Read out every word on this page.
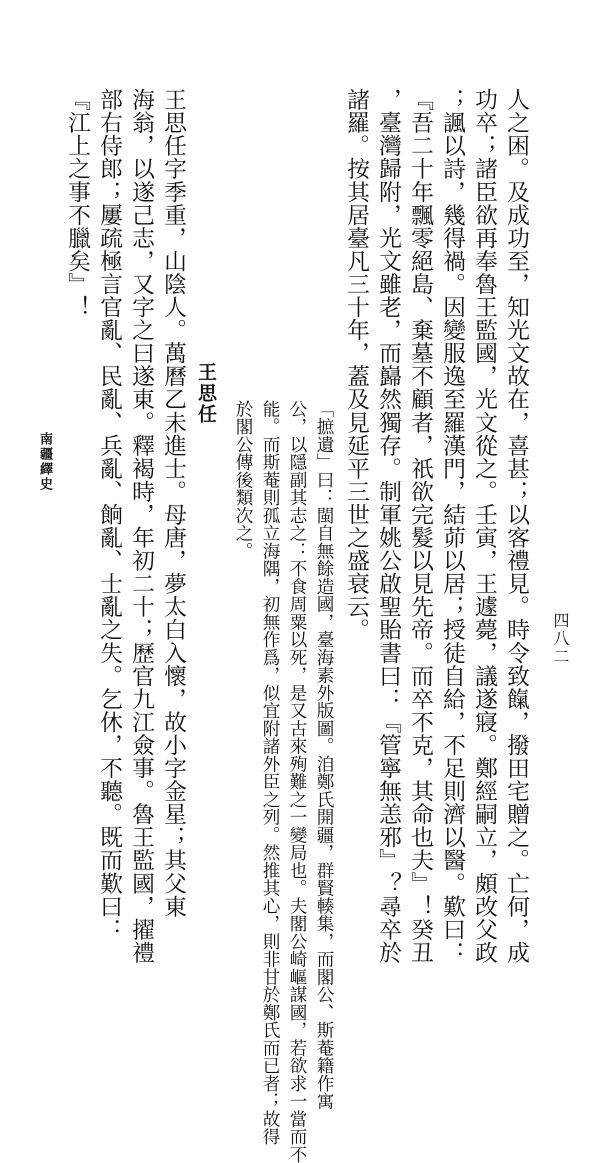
人之困。及成功至，知光文故在，喜甚；以客禮見。時令致餼，撥田宅贈之。亡何，成
功卒；諸臣欲再奉魯王監國，光文從之。壬寅，王遽薨，議遂寢。鄭經嗣立，頗改父政
；諷以詩，幾得禍。因變服逸至羅漢門，結茆以居；授徒自給，不足則濟以醫。歎曰：
『吾二十年飄零絕島、棄墓不顧者，祇欲完髮以見先帝。而卒不克，其命也夫』！癸丑
，臺灣歸附，光文雖老，而巋然獨存。制軍姚公啟聖貽書曰：『管寧無恙邪』？尋卒於
諸羅。按其居臺凡三十年，蓋及見延平三世之盛衰云。
「摭遺」曰：閩自無餘造國，臺海素外版圖。洎鄭氏開疆，群賢輳集，而閣公、斯菴籍作寓
公，以隱副其志之：不食周粟以死，是又古來殉難之一變局也。夫閣公崎嶇謀國，若欲求一當而不
能。而斯菴則孤立海隅，初無作爲，似宜附諸外臣之列。然推其心，則非甘於鄭氏而已者；故得
於閣公傳後類次之。
王思任
王思任字季重，山陰人。萬曆乙未進士。母唐，夢太白入懷，故小字金星；其父東
海翁，以遂己志，又字之曰遂東。釋褐時，年初二十；歷官九江僉事。魯王監國，擢禮
部右侍郎；屢疏極言官亂、民亂、兵亂、餉亂、士亂之失。乞休，不聽。既而歎曰：
『江上之事不臘矣』！
南疆繹史
四八二
